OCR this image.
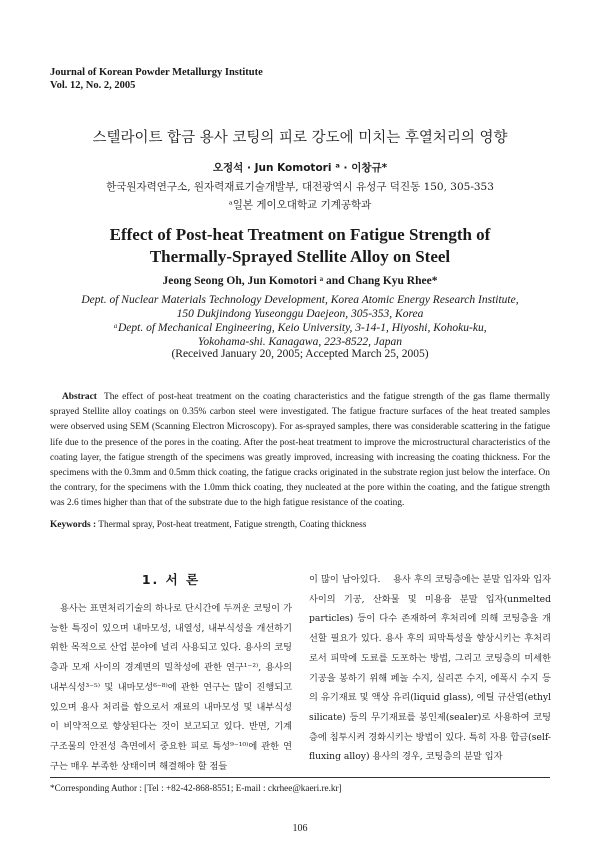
Journal of Korean Powder Metallurgy Institute
Vol. 12, No. 2, 2005
스텔라이트 합금 용사 코팅의 피로 강도에 미치는 후열처리의 영향
오정석 · Jun Komotori ᵃ · 이창규*
한국원자력연구소, 원자력재료기술개발부, 대전광역시 유성구 덕진동 150, 305-353
ᵃ일본 게이오대학교 기계공학과
Effect of Post-heat Treatment on Fatigue Strength of
Thermally-Sprayed Stellite Alloy on Steel
Jeong Seong Oh, Jun Komotori ᵃ and Chang Kyu Rhee*
Dept. of Nuclear Materials Technology Development, Korea Atomic Energy Research Institute,
150 Dukjindong Yuseonggu Daejeon, 305-353, Korea
ᵃDept. of Mechanical Engineering, Keio University, 3-14-1, Hiyoshi, Kohoku-ku,
Yokohama-shi. Kanagawa, 223-8522, Japan
(Received January 20, 2005; Accepted March 25, 2005)
Abstract The effect of post-heat treatment on the coating characteristics and the fatigue strength of the gas flame thermally sprayed Stellite alloy coatings on 0.35% carbon steel were investigated. The fatigue fracture surfaces of the heat treated samples were observed using SEM (Scanning Electron Microscopy). For as-sprayed samples, there was considerable scattering in the fatigue life due to the presence of the pores in the coating. After the post-heat treatment to improve the microstructural characteristics of the coating layer, the fatigue strength of the specimens was greatly improved, increasing with increasing the coating thickness. For the specimens with the 0.3mm and 0.5mm thick coating, the fatigue cracks originated in the substrate region just below the interface. On the contrary, for the specimens with the 1.0mm thick coating, they nucleated at the pore within the coating, and the fatigue strength was 2.6 times higher than that of the substrate due to the high fatigue resistance of the coating.
Keywords : Thermal spray, Post-heat treatment, Fatigue strength, Coating thickness
1. 서 론
용사는 표면처리기술의 하나로 단시간에 두꺼운 코팅이 가능한 특징이 있으며 내마모성, 내열성, 내부식성을 개선하기 위한 목적으로 산업 분야에 널리 사용되고 있다. 용사의 코팅층과 모재 사이의 경계면의 밀착성에 관한 연구¹⁻²⁾, 용사의 내부식성³⁻⁵⁾ 및 내마모성⁶⁻⁸⁾에 관한 연구는 많이 진행되고 있으며 용사 처리를 함으로서 재료의 내마모성 및 내부식성이 비약적으로 향상된다는 것이 보고되고 있다. 반면, 기계 구조물의 안전성 측면에서 중요한 피로 특성⁹⁻¹⁰⁾에 관한 연구는 매우 부족한 상태이며 해결해야 할 점들
이 많이 남아있다.    용사 후의 코팅층에는 분말 입자와 입자 사이의 기공, 산화물 및 미용융 분말 입자(unmelted particles) 등이 다수 존재하여 후처리에 의해 코팅층을 개선할 필요가 있다. 용사 후의 피막특성을 향상시키는 후처리로서 피막에 도료를 도포하는 방법, 그리고 코팅층의 미세한 기공을 봉하기 위해 페놀 수지, 실리콘 수지, 에폭시 수지 등의 유기재료 및 액상 유리(liquid glass), 에틸 규산염(ethyl silicate) 등의 무기재료를 봉인제(sealer)로 사용하여 코팅층에 침투시켜 경화시키는 방법이 있다. 특히 자용 합금(self-fluxing alloy) 용사의 경우, 코팅층의 분말 입자
*Corresponding Author : [Tel : +82-42-868-8551; E-mail : ckrhee@kaeri.re.kr]
106
